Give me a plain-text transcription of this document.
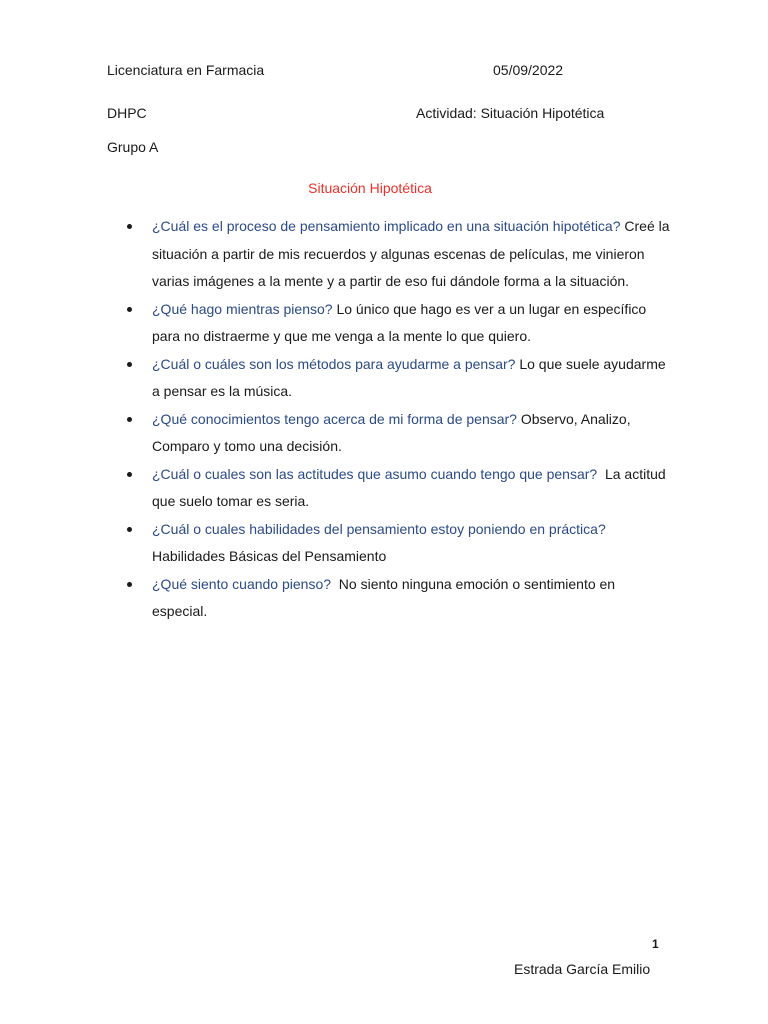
Licenciatura en Farmacia	05/09/2022
DHPC	Actividad: Situación Hipotética
Grupo A
Situación Hipotética
¿Cuál es el proceso de pensamiento implicado en una situación hipotética? Creé la situación a partir de mis recuerdos y algunas escenas de películas, me vinieron varias imágenes a la mente y a partir de eso fui dándole forma a la situación.
¿Qué hago mientras pienso? Lo único que hago es ver a un lugar en específico para no distraerme y que me venga a la mente lo que quiero.
¿Cuál o cuáles son los métodos para ayudarme a pensar? Lo que suele ayudarme a pensar es la música.
¿Qué conocimientos tengo acerca de mi forma de pensar? Observo, Analizo, Comparo y tomo una decisión.
¿Cuál o cuales son las actitudes que asumo cuando tengo que pensar?  La actitud que suelo tomar es seria.
¿Cuál o cuales habilidades del pensamiento estoy poniendo en práctica? Habilidades Básicas del Pensamiento
¿Qué siento cuando pienso?  No siento ninguna emoción o sentimiento en especial.
1
Estrada García Emilio
